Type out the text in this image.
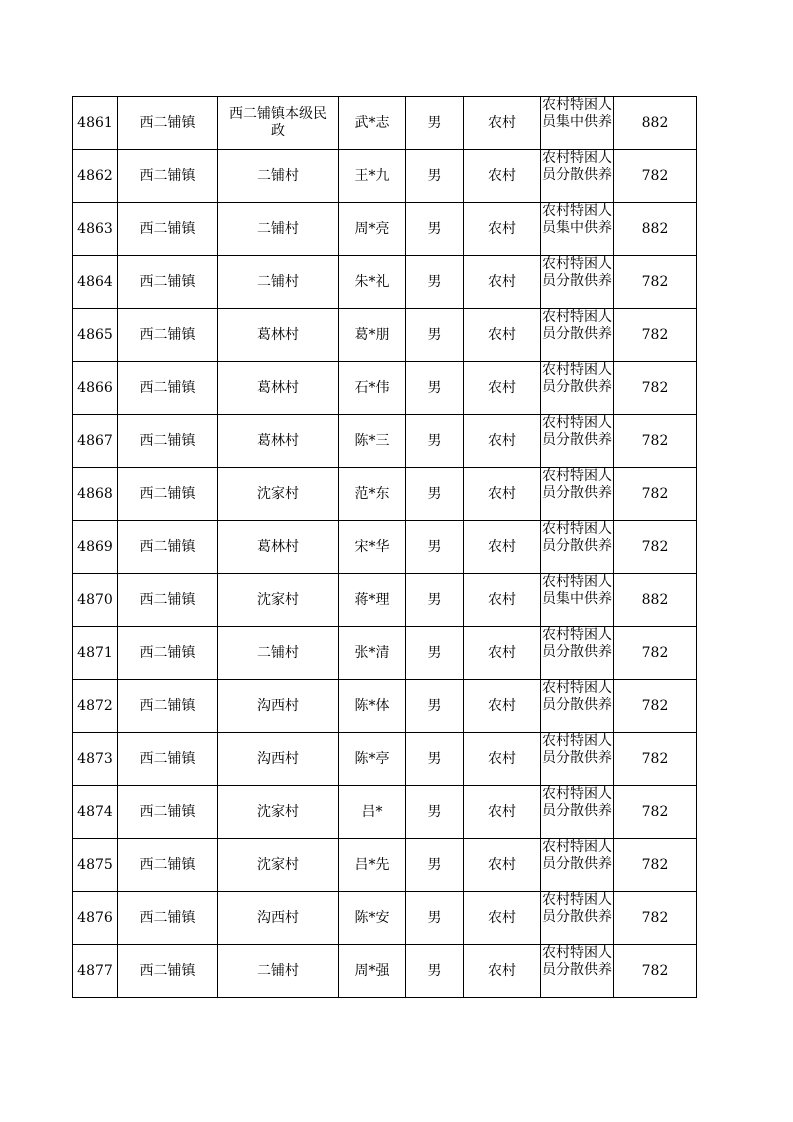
4861	西二铺镇	西二铺镇本级民政	武*志	男	农村	农村特困人员集中供养	882
4862	西二铺镇	二铺村	王*九	男	农村	农村特困人员分散供养	782
4863	西二铺镇	二铺村	周*亮	男	农村	农村特困人员集中供养	882
4864	西二铺镇	二铺村	朱*礼	男	农村	农村特困人员分散供养	782
4865	西二铺镇	葛林村	葛*朋	男	农村	农村特困人员分散供养	782
4866	西二铺镇	葛林村	石*伟	男	农村	农村特困人员分散供养	782
4867	西二铺镇	葛林村	陈*三	男	农村	农村特困人员分散供养	782
4868	西二铺镇	沈家村	范*东	男	农村	农村特困人员分散供养	782
4869	西二铺镇	葛林村	宋*华	男	农村	农村特困人员分散供养	782
4870	西二铺镇	沈家村	蒋*理	男	农村	农村特困人员集中供养	882
4871	西二铺镇	二铺村	张*清	男	农村	农村特困人员分散供养	782
4872	西二铺镇	沟西村	陈*体	男	农村	农村特困人员分散供养	782
4873	西二铺镇	沟西村	陈*亭	男	农村	农村特困人员分散供养	782
4874	西二铺镇	沈家村	吕*	男	农村	农村特困人员分散供养	782
4875	西二铺镇	沈家村	吕*先	男	农村	农村特困人员分散供养	782
4876	西二铺镇	沟西村	陈*安	男	农村	农村特困人员分散供养	782
4877	西二铺镇	二铺村	周*强	男	农村	农村特困人员分散供养	782
